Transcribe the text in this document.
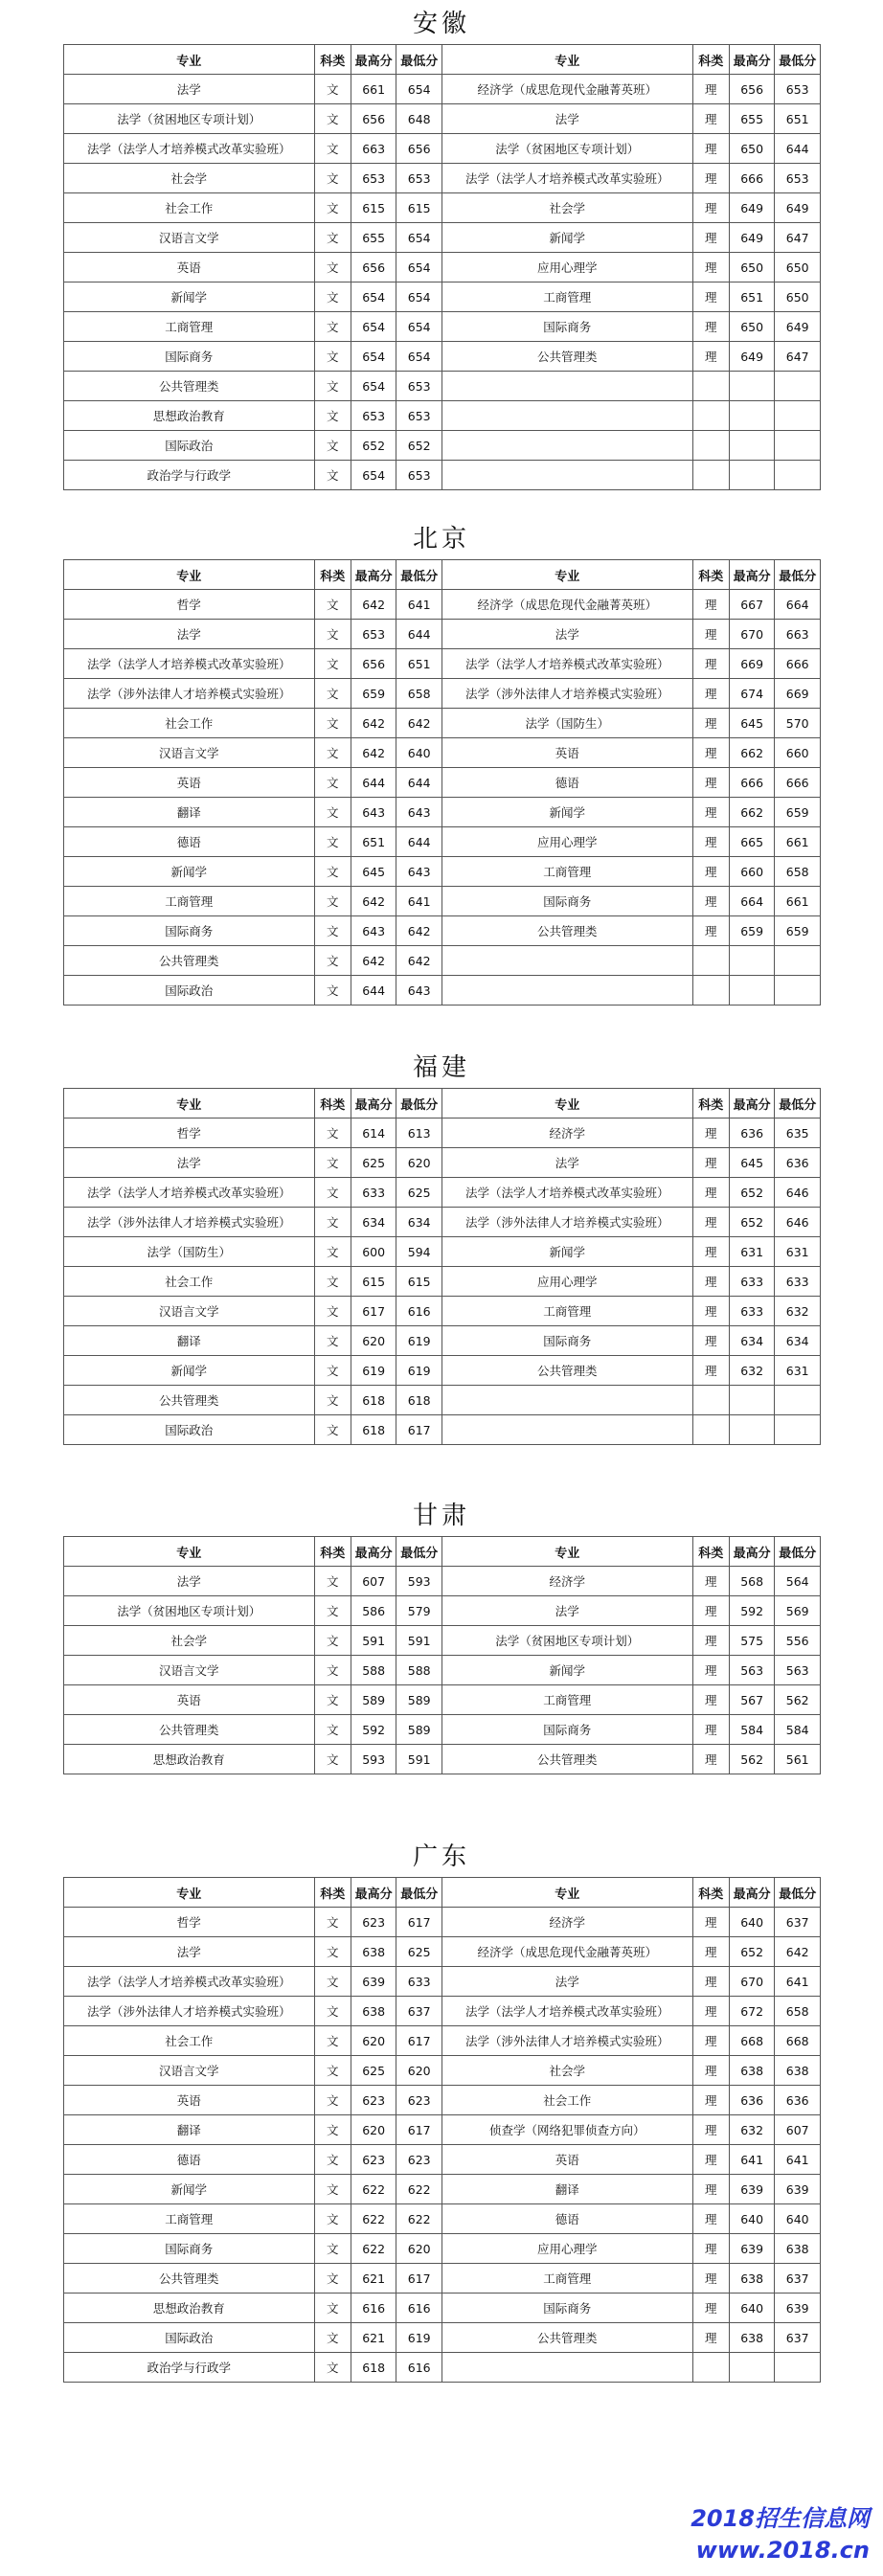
安徽
专业	科类	最高分	最低分	专业	科类	最高分	最低分
法学	文	661	654	经济学（成思危现代金融菁英班）	理	656	653
法学（贫困地区专项计划）	文	656	648	法学	理	655	651
法学（法学人才培养模式改革实验班）	文	663	656	法学（贫困地区专项计划）	理	650	644
社会学	文	653	653	法学（法学人才培养模式改革实验班）	理	666	653
社会工作	文	615	615	社会学	理	649	649
汉语言文学	文	655	654	新闻学	理	649	647
英语	文	656	654	应用心理学	理	650	650
新闻学	文	654	654	工商管理	理	651	650
工商管理	文	654	654	国际商务	理	650	649
国际商务	文	654	654	公共管理类	理	649	647
公共管理类	文	654	653				
思想政治教育	文	653	653				
国际政治	文	652	652				
政治学与行政学	文	654	653				
北京
专业	科类	最高分	最低分	专业	科类	最高分	最低分
哲学	文	642	641	经济学（成思危现代金融菁英班）	理	667	664
法学	文	653	644	法学	理	670	663
法学（法学人才培养模式改革实验班）	文	656	651	法学（法学人才培养模式改革实验班）	理	669	666
法学（涉外法律人才培养模式实验班）	文	659	658	法学（涉外法律人才培养模式实验班）	理	674	669
社会工作	文	642	642	法学（国防生）	理	645	570
汉语言文学	文	642	640	英语	理	662	660
英语	文	644	644	德语	理	666	666
翻译	文	643	643	新闻学	理	662	659
德语	文	651	644	应用心理学	理	665	661
新闻学	文	645	643	工商管理	理	660	658
工商管理	文	642	641	国际商务	理	664	661
国际商务	文	643	642	公共管理类	理	659	659
公共管理类	文	642	642				
国际政治	文	644	643				
福建
专业	科类	最高分	最低分	专业	科类	最高分	最低分
哲学	文	614	613	经济学	理	636	635
法学	文	625	620	法学	理	645	636
法学（法学人才培养模式改革实验班）	文	633	625	法学（法学人才培养模式改革实验班）	理	652	646
法学（涉外法律人才培养模式实验班）	文	634	634	法学（涉外法律人才培养模式实验班）	理	652	646
法学（国防生）	文	600	594	新闻学	理	631	631
社会工作	文	615	615	应用心理学	理	633	633
汉语言文学	文	617	616	工商管理	理	633	632
翻译	文	620	619	国际商务	理	634	634
新闻学	文	619	619	公共管理类	理	632	631
公共管理类	文	618	618				
国际政治	文	618	617				
甘肃
专业	科类	最高分	最低分	专业	科类	最高分	最低分
法学	文	607	593	经济学	理	568	564
法学（贫困地区专项计划）	文	586	579	法学	理	592	569
社会学	文	591	591	法学（贫困地区专项计划）	理	575	556
汉语言文学	文	588	588	新闻学	理	563	563
英语	文	589	589	工商管理	理	567	562
公共管理类	文	592	589	国际商务	理	584	584
思想政治教育	文	593	591	公共管理类	理	562	561
广东
专业	科类	最高分	最低分	专业	科类	最高分	最低分
哲学	文	623	617	经济学	理	640	637
法学	文	638	625	经济学（成思危现代金融菁英班）	理	652	642
法学（法学人才培养模式改革实验班）	文	639	633	法学	理	670	641
法学（涉外法律人才培养模式实验班）	文	638	637	法学（法学人才培养模式改革实验班）	理	672	658
社会工作	文	620	617	法学（涉外法律人才培养模式实验班）	理	668	668
汉语言文学	文	625	620	社会学	理	638	638
英语	文	623	623	社会工作	理	636	636
翻译	文	620	617	侦查学（网络犯罪侦查方向）	理	632	607
德语	文	623	623	英语	理	641	641
新闻学	文	622	622	翻译	理	639	639
工商管理	文	622	622	德语	理	640	640
国际商务	文	622	620	应用心理学	理	639	638
公共管理类	文	621	617	工商管理	理	638	637
思想政治教育	文	616	616	国际商务	理	640	639
国际政治	文	621	619	公共管理类	理	638	637
政治学与行政学	文	618	616				
2018招生信息网
www.2018.cn
